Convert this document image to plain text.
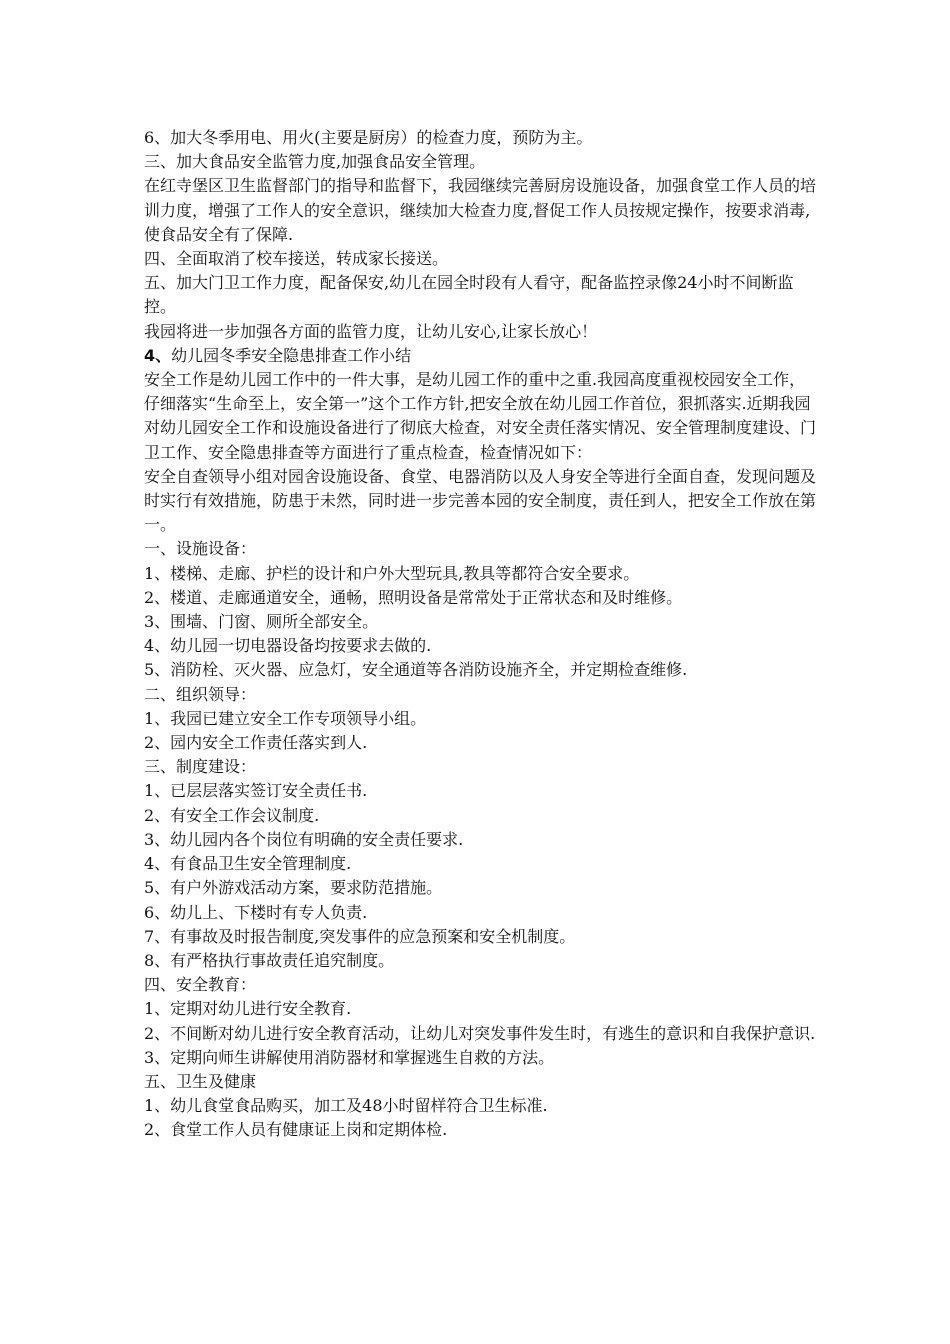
6、加大冬季用电、用火(主要是厨房）的检查力度，预防为主。

三、加大食品安全监管力度,加强食品安全管理。

在红寺堡区卫生监督部门的指导和监督下，我园继续完善厨房设施设备，加强食堂工作人员的培训力度，增强了工作人的安全意识，继续加大检查力度,督促工作人员按规定操作，按要求消毒,使食品安全有了保障.

四、全面取消了校车接送，转成家长接送。

五、加大门卫工作力度，配备保安,幼儿在园全时段有人看守，配备监控录像24小时不间断监控。

我园将进一步加强各方面的监管力度，让幼儿安心,让家长放心！

4、幼儿园冬季安全隐患排查工作小结

安全工作是幼儿园工作中的一件大事，是幼儿园工作的重中之重.我园高度重视校园安全工作，仔细落实“生命至上，安全第一”这个工作方针,把安全放在幼儿园工作首位，狠抓落实.近期我园对幼儿园安全工作和设施设备进行了彻底大检查，对安全责任落实情况、安全管理制度建设、门卫工作、安全隐患排查等方面进行了重点检查，检查情况如下：

安全自查领导小组对园舍设施设备、食堂、电器消防以及人身安全等进行全面自查，发现问题及时实行有效措施，防患于未然，同时进一步完善本园的安全制度，责任到人，把安全工作放在第一。

一、设施设备：

1、楼梯、走廊、护栏的设计和户外大型玩具,教具等都符合安全要求。

2、楼道、走廊通道安全，通畅，照明设备是常常处于正常状态和及时维修。

3、围墙、门窗、厕所全部安全。

4、幼儿园一切电器设备均按要求去做的.

5、消防栓、灭火器、应急灯，安全通道等各消防设施齐全，并定期检查维修.

二、组织领导：

1、我园已建立安全工作专项领导小组。

2、园内安全工作责任落实到人.

三、制度建设：

1、已层层落实签订安全责任书.

2、有安全工作会议制度.

3、幼儿园内各个岗位有明确的安全责任要求.

4、有食品卫生安全管理制度.

5、有户外游戏活动方案，要求防范措施。

6、幼儿上、下楼时有专人负责.

7、有事故及时报告制度,突发事件的应急预案和安全机制度。

8、有严格执行事故责任追究制度。

四、安全教育：

1、定期对幼儿进行安全教育.

2、不间断对幼儿进行安全教育活动，让幼儿对突发事件发生时，有逃生的意识和自我保护意识.

3、定期向师生讲解使用消防器材和掌握逃生自救的方法。

五、卫生及健康

1、幼儿食堂食品购买，加工及48小时留样符合卫生标准.

2、食堂工作人员有健康证上岗和定期体检.
